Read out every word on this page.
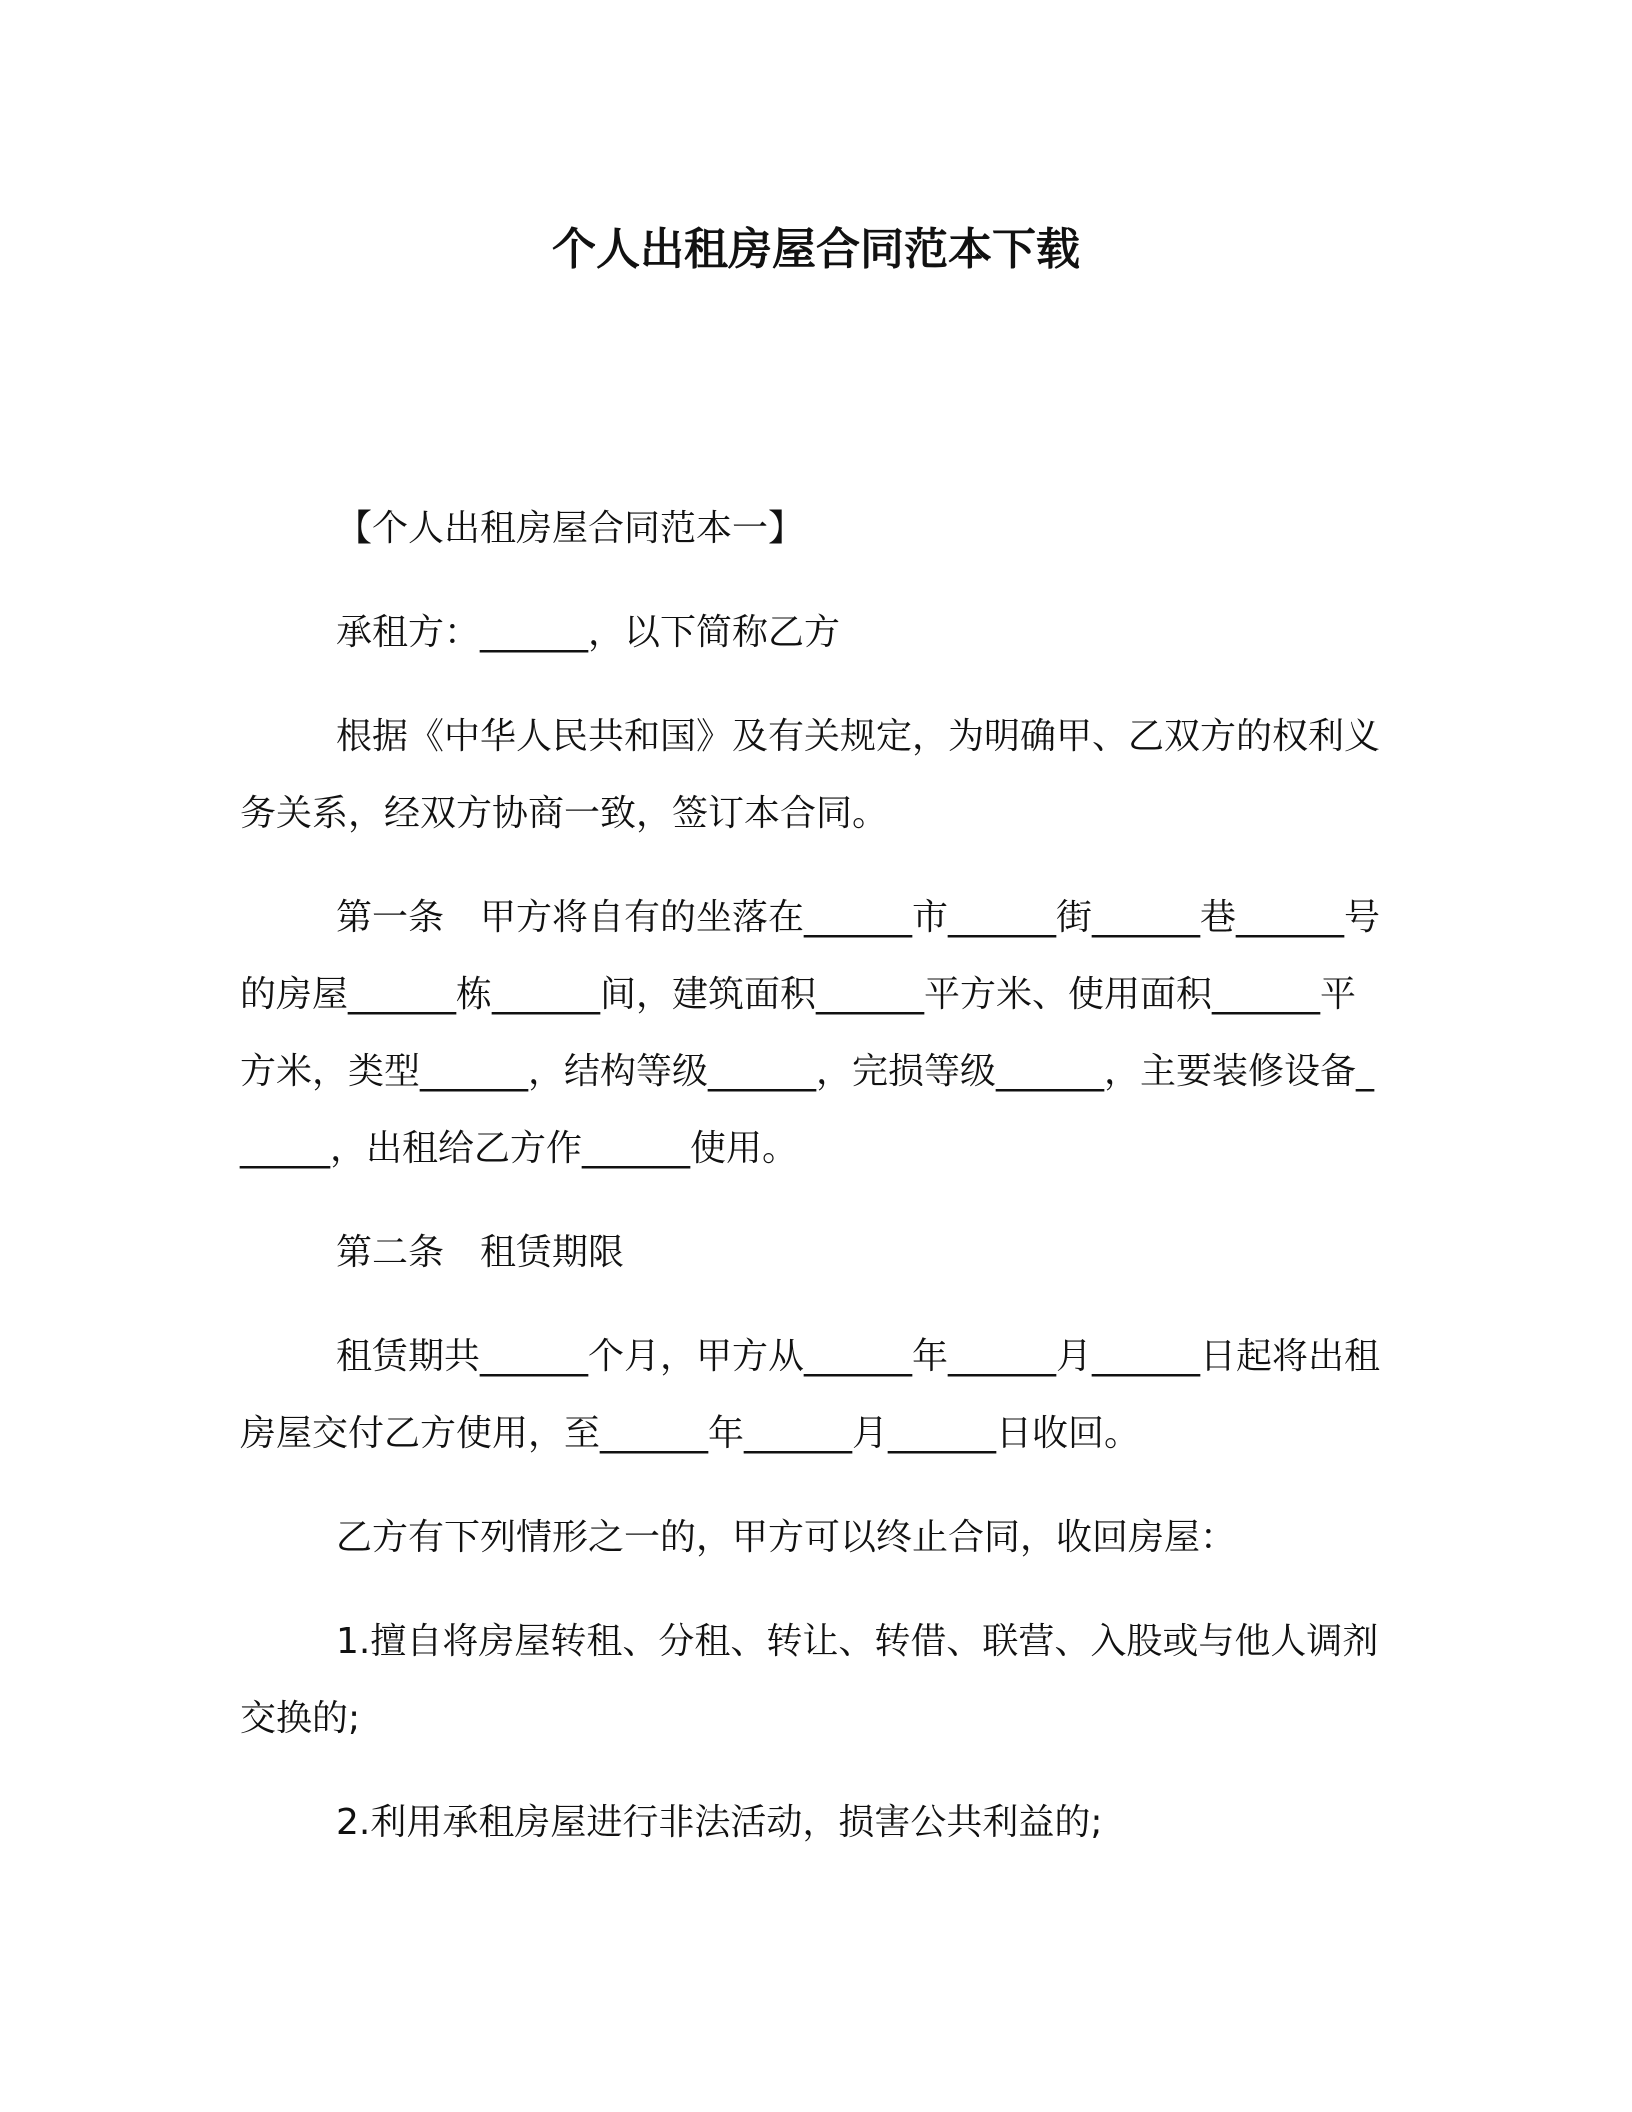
个人出租房屋合同范本下载

【个人出租房屋合同范本一】

承租方：______，以下简称乙方

根据《中华人民共和国》及有关规定，为明确甲、乙双方的权利义务关系，经双方协商一致，签订本合同。

第一条　甲方将自有的坐落在______市______街______巷______号的房屋______栋______间，建筑面积______平方米、使用面积______平方米，类型______，结构等级______，完损等级______，主要装修设备______，出租给乙方作______使用。

第二条　租赁期限

租赁期共______个月，甲方从______年______月______日起将出租房屋交付乙方使用，至______年______月______日收回。

乙方有下列情形之一的，甲方可以终止合同，收回房屋：

1.擅自将房屋转租、分租、转让、转借、联营、入股或与他人调剂交换的;

2.利用承租房屋进行非法活动，损害公共利益的;
